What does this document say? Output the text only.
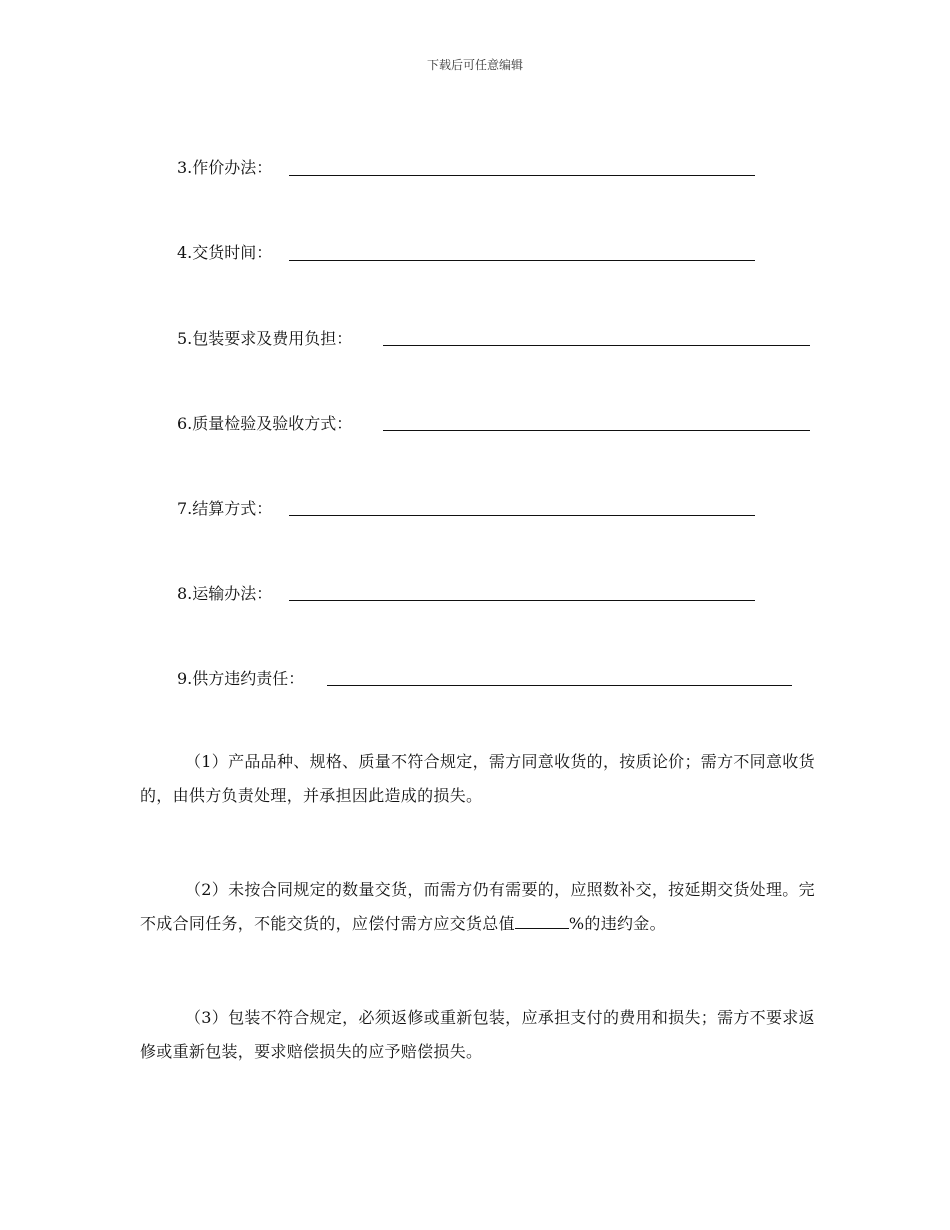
下载后可任意编辑
3.作价办法：
4.交货时间：
5.包装要求及费用负担：
6.质量检验及验收方式：
7.结算方式：
8.运输办法：
9.供方违约责任：
（1）产品品种、规格、质量不符合规定，需方同意收货的，按质论价；需方不同意收货的，由供方负责处理，并承担因此造成的损失。
（2）未按合同规定的数量交货，而需方仍有需要的，应照数补交，按延期交货处理。完不成合同任务，不能交货的，应偿付需方应交货总值	%的违约金。
（3）包装不符合规定，必须返修或重新包装，应承担支付的费用和损失；需方不要求返修或重新包装，要求赔偿损失的应予赔偿损失。
